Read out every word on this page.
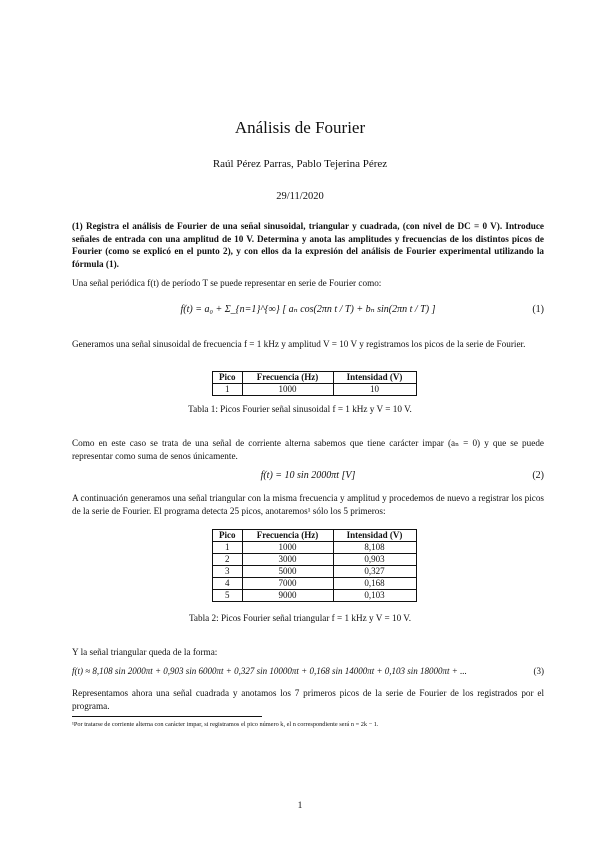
Análisis de Fourier
Raúl Pérez Parras, Pablo Tejerina Pérez
29/11/2020
(1) Registra el análisis de Fourier de una señal sinusoidal, triangular y cuadrada, (con nivel de DC = 0 V). Introduce señales de entrada con una amplitud de 10 V. Determina y anota las amplitudes y frecuencias de los distintos picos de Fourier (como se explicó en el punto 2), y con ellos da la expresión del análisis de Fourier experimental utilizando la fórmula (1).
Una señal periódica f(t) de período T se puede representar en serie de Fourier como:
f(t) = a₀ + Σ_{n=1}^{∞} [ aₙ cos(2πn t / T) + bₙ sin(2πn t / T) ]	(1)
Generamos una señal sinusoidal de frecuencia f = 1 kHz y amplitud V = 10 V y registramos los picos de la serie de Fourier.
Pico	Frecuencia (Hz)	Intensidad (V)
1	1000	10
Tabla 1: Picos Fourier señal sinusoidal f = 1 kHz y V = 10 V.
Como en este caso se trata de una señal de corriente alterna sabemos que tiene carácter impar (aₙ = 0) y que se puede representar como suma de senos únicamente.
f(t) = 10 sin 2000πt [V]	(2)
A continuación generamos una señal triangular con la misma frecuencia y amplitud y procedemos de nuevo a registrar los picos de la serie de Fourier. El programa detecta 25 picos, anotaremos¹ sólo los 5 primeros:
Pico	Frecuencia (Hz)	Intensidad (V)
1	1000	8,108
2	3000	0,903
3	5000	0,327
4	7000	0,168
5	9000	0,103
Tabla 2: Picos Fourier señal triangular f = 1 kHz y V = 10 V.
Y la señal triangular queda de la forma:
f(t) ≈ 8,108 sin 2000πt + 0,903 sin 6000πt + 0,327 sin 10000πt + 0,168 sin 14000πt + 0,103 sin 18000πt + ...	(3)
Representamos ahora una señal cuadrada y anotamos los 7 primeros picos de la serie de Fourier de los registrados por el programa.
¹Por tratarse de corriente alterna con carácter impar, si registramos el pico número k, el n correspondiente será n = 2k − 1.
1
